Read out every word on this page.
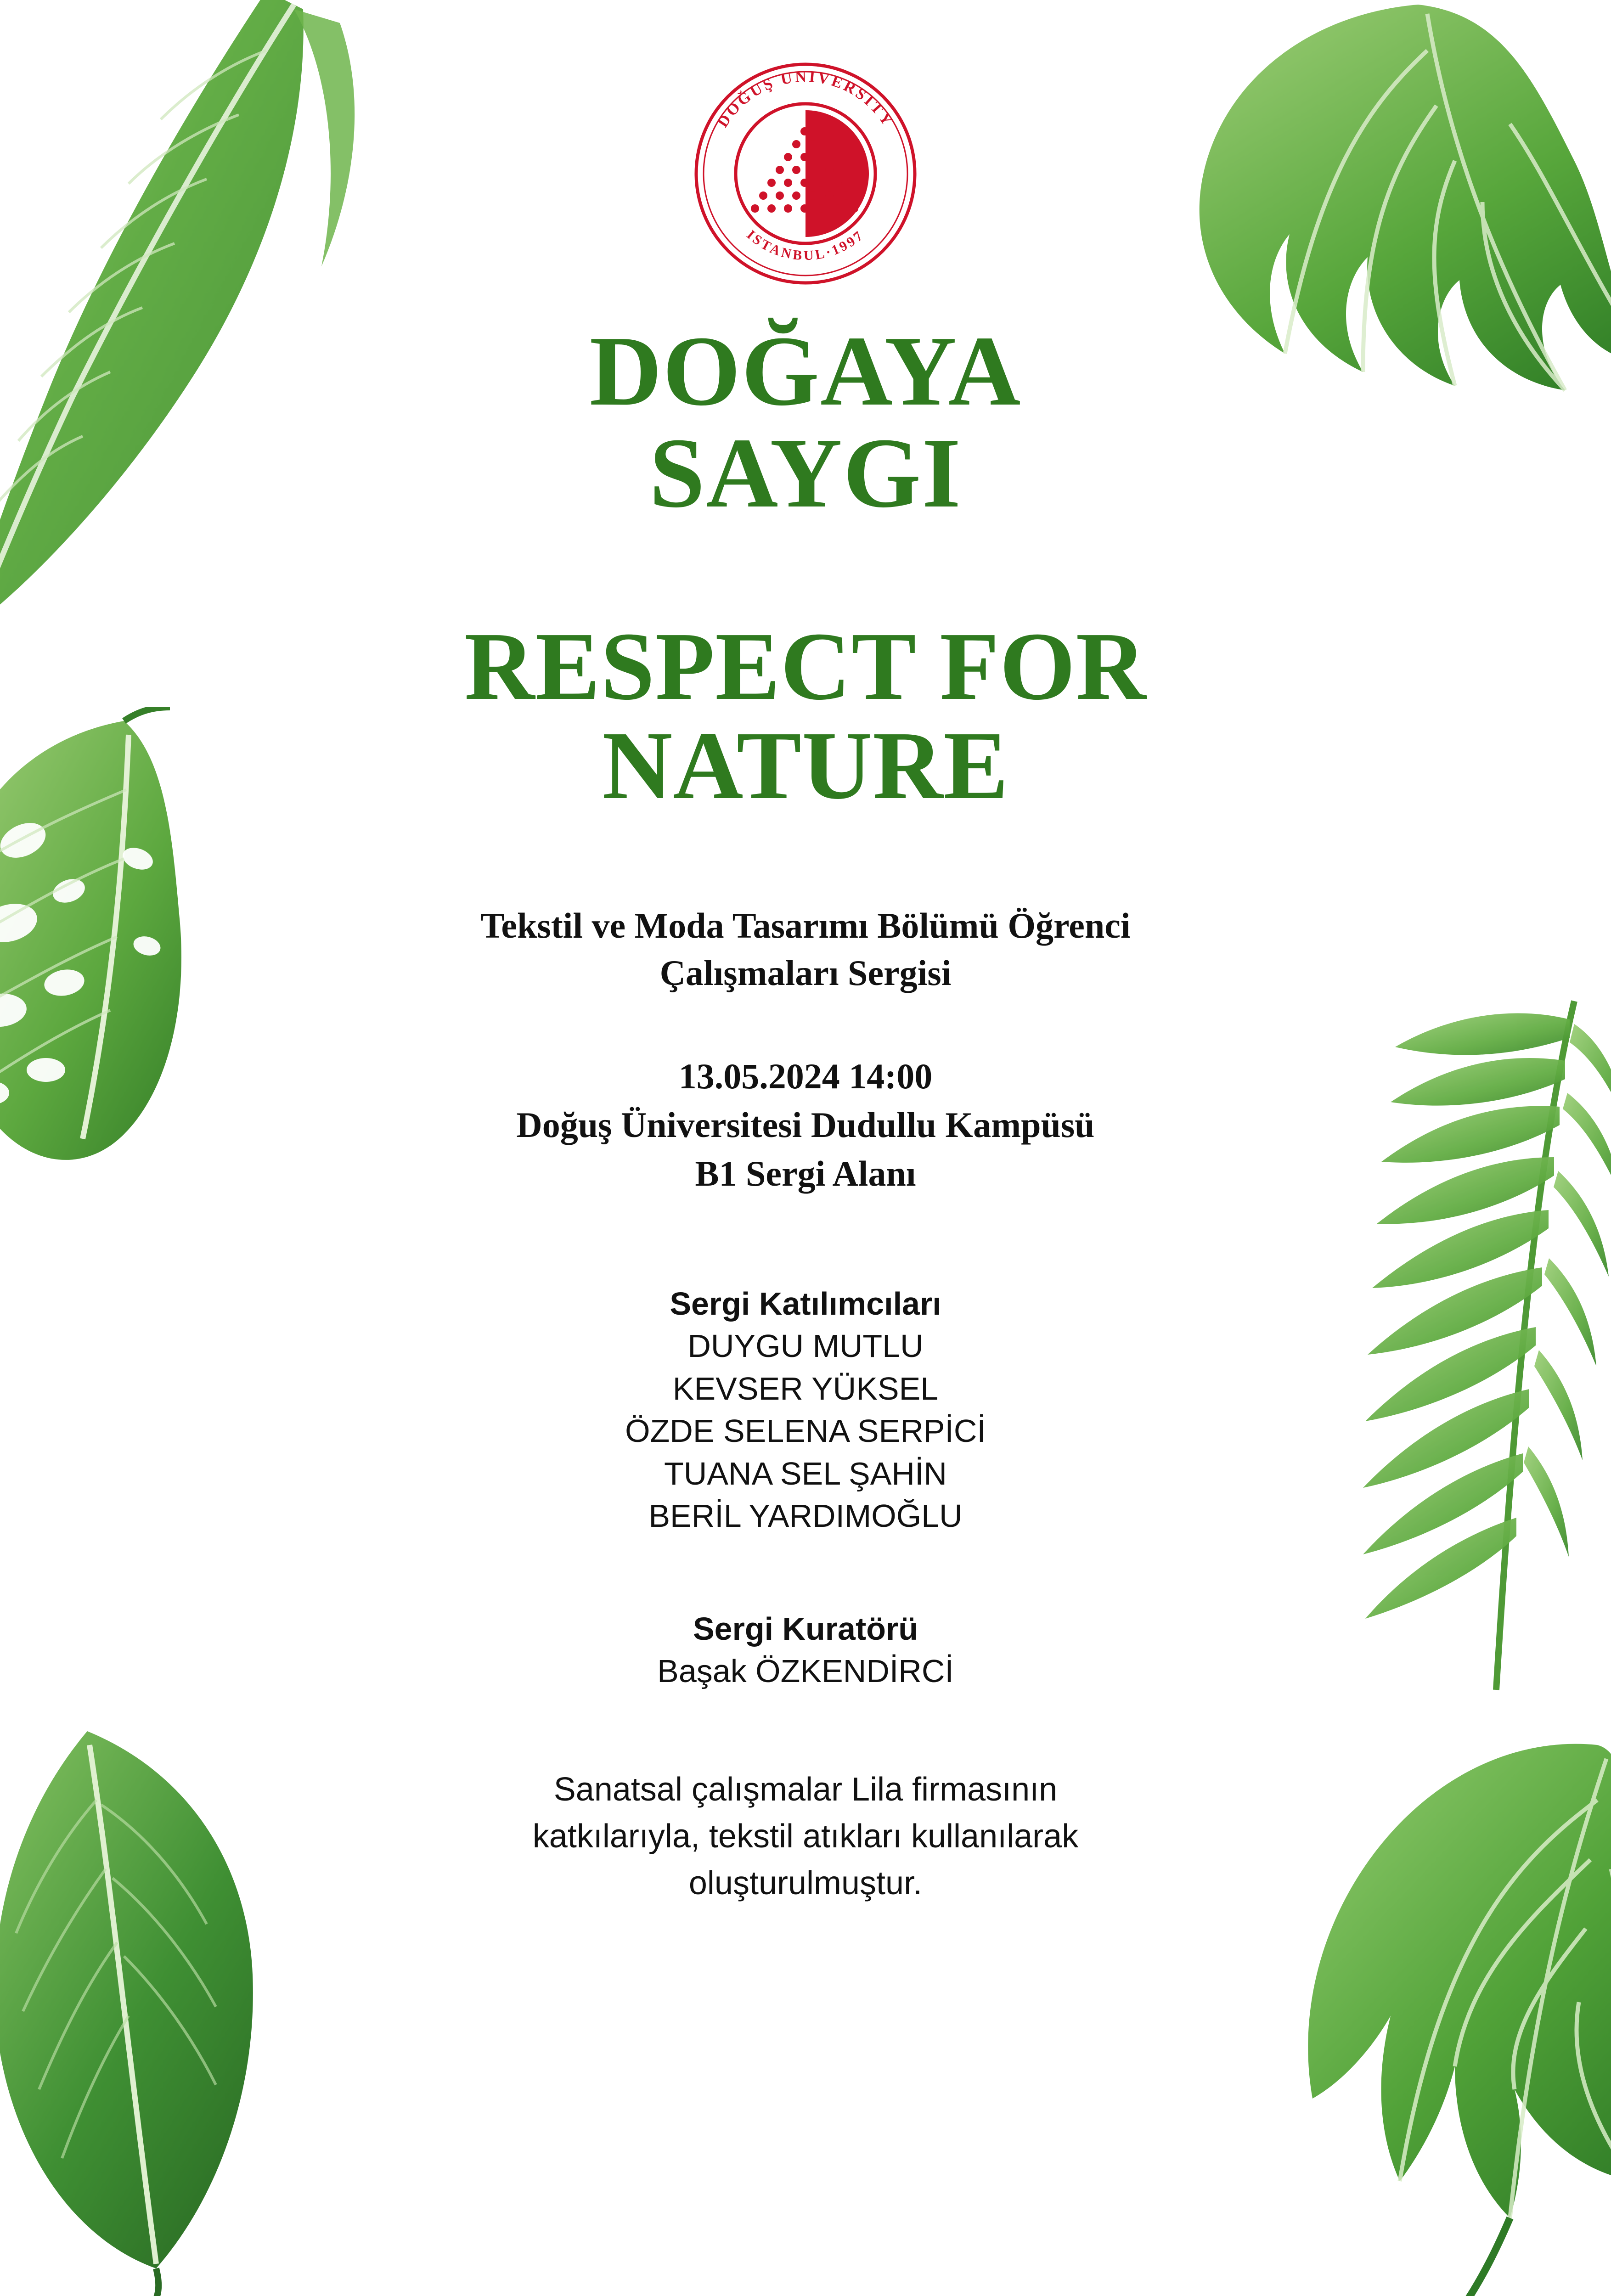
DOĞUŞ UNIVERSITY
ISTANBUL·1997
DOĞAYA
SAYGI
RESPECT FOR
NATURE
Tekstil ve Moda Tasarımı Bölümü Öğrenci
Çalışmaları Sergisi
13.05.2024 14:00
Doğuş Üniversitesi Dudullu Kampüsü
B1 Sergi Alanı
Sergi Katılımcıları
DUYGU MUTLU
KEVSER YÜKSEL
ÖZDE SELENA SERPİCİ
TUANA SEL ŞAHİN
BERİL YARDIMOĞLU
Sergi Kuratörü
Başak ÖZKENDİRCİ
Sanatsal çalışmalar Lila firmasının
katkılarıyla, tekstil atıkları kullanılarak
oluşturulmuştur.
